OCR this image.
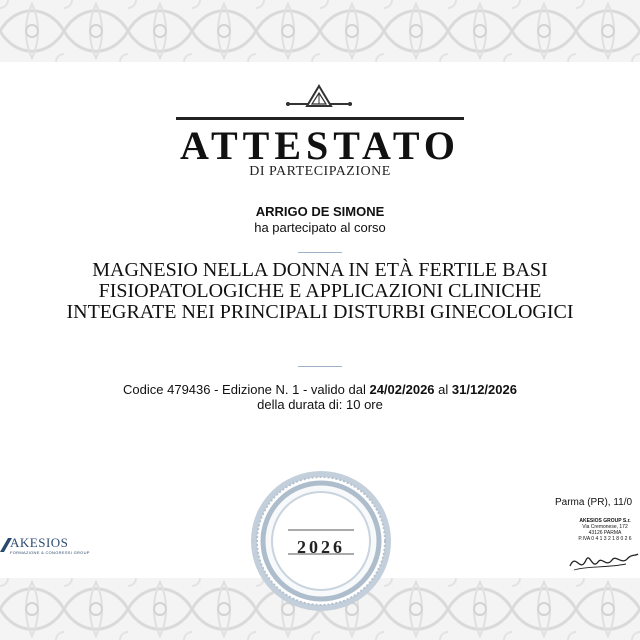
ATTESTATO
DI PARTECIPAZIONE
ARRIGO DE SIMONE
ha partecipato al corso
MAGNESIO NELLA DONNA IN ETÀ FERTILE BASI
FISIOPATOLOGICHE E APPLICAZIONI CLINICHE
INTEGRATE NEI PRINCIPALI DISTURBI GINECOLOGICI
Codice 479436 - Edizione N. 1 - valido dal 24/02/2026 al 31/12/2026
della durata di: 10 ore
2026
AKESIOS
FORMAZIONE & CONGRESSI GROUP
Parma (PR), 11/0
AKESIOS GROUP S.r.
Via Cremonese, 172
43126 PARMA
P.IVA 0 4 1 3 2 1 8 0 2 6
